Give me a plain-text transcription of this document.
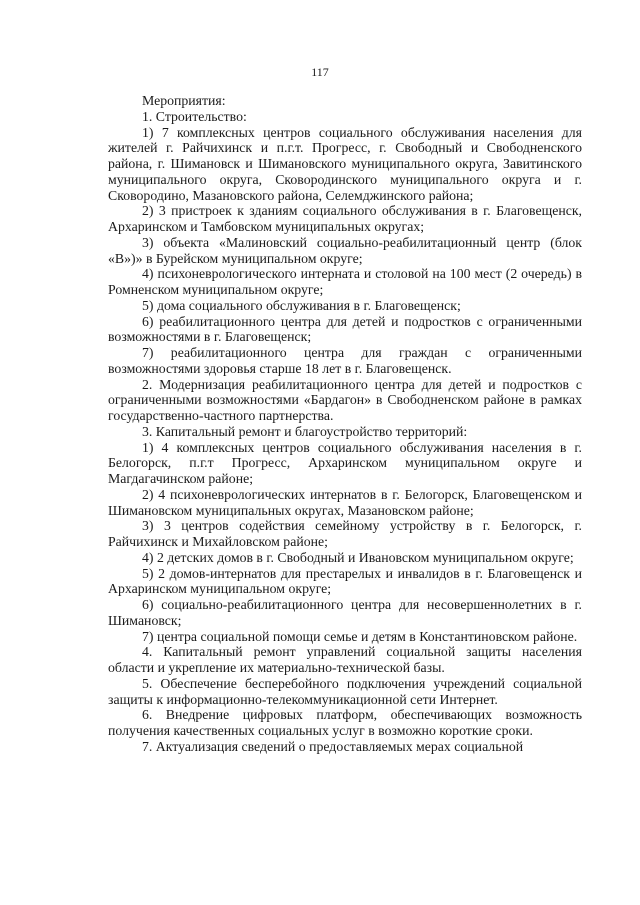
117

Мероприятия:

1. Строительство:

1) 7 комплексных центров социального обслуживания населения для жителей г. Райчихинск и п.г.т. Прогресс, г. Свободный и Свободненского района, г. Шимановск и Шимановского муниципального округа, Завитинского муниципального округа, Сковородинского муниципального округа и г. Сковородино, Мазановского района, Селемджинского района;

2) 3 пристроек к зданиям социального обслуживания в г. Благовещенск, Архаринском и Тамбовском муниципальных округах;

3) объекта «Малиновский социально-реабилитационный центр (блок «В»)» в Бурейском муниципальном округе;

4) психоневрологического интерната и столовой на 100 мест (2 очередь) в Ромненском муниципальном округе;

5) дома социального обслуживания в г. Благовещенск;

6) реабилитационного центра для детей и подростков с ограниченными возможностями в г. Благовещенск;

7) реабилитационного центра для граждан с ограниченными возможностями здоровья старше 18 лет в г. Благовещенск.

2. Модернизация реабилитационного центра для детей и подростков с ограниченными возможностями «Бардагон» в Свободненском районе в рамках государственно-частного партнерства.

3. Капитальный ремонт и благоустройство территорий:

1) 4 комплексных центров социального обслуживания населения в г. Белогорск, п.г.т Прогресс, Архаринском муниципальном округе и Магдагачинском районе;

2) 4 психоневрологических интернатов в г. Белогорск, Благовещенском и Шимановском муниципальных округах, Мазановском районе;

3) 3 центров содействия семейному устройству в г. Белогорск, г. Райчихинск и Михайловском районе;

4) 2 детских домов в г. Свободный и Ивановском муниципальном округе;

5) 2 домов-интернатов для престарелых и инвалидов в г. Благовещенск и Архаринском муниципальном округе;

6) социально-реабилитационного центра для несовершеннолетних в г. Шимановск;

7) центра социальной помощи семье и детям в Константиновском районе.

4. Капитальный ремонт управлений социальной защиты населения области и укрепление их материально-технической базы.

5. Обеспечение бесперебойного подключения учреждений социальной защиты к информационно-телекоммуникационной сети Интернет.

6. Внедрение цифровых платформ, обеспечивающих возможность получения качественных социальных услуг в возможно короткие сроки.

7. Актуализация сведений о предоставляемых мерах социальной
